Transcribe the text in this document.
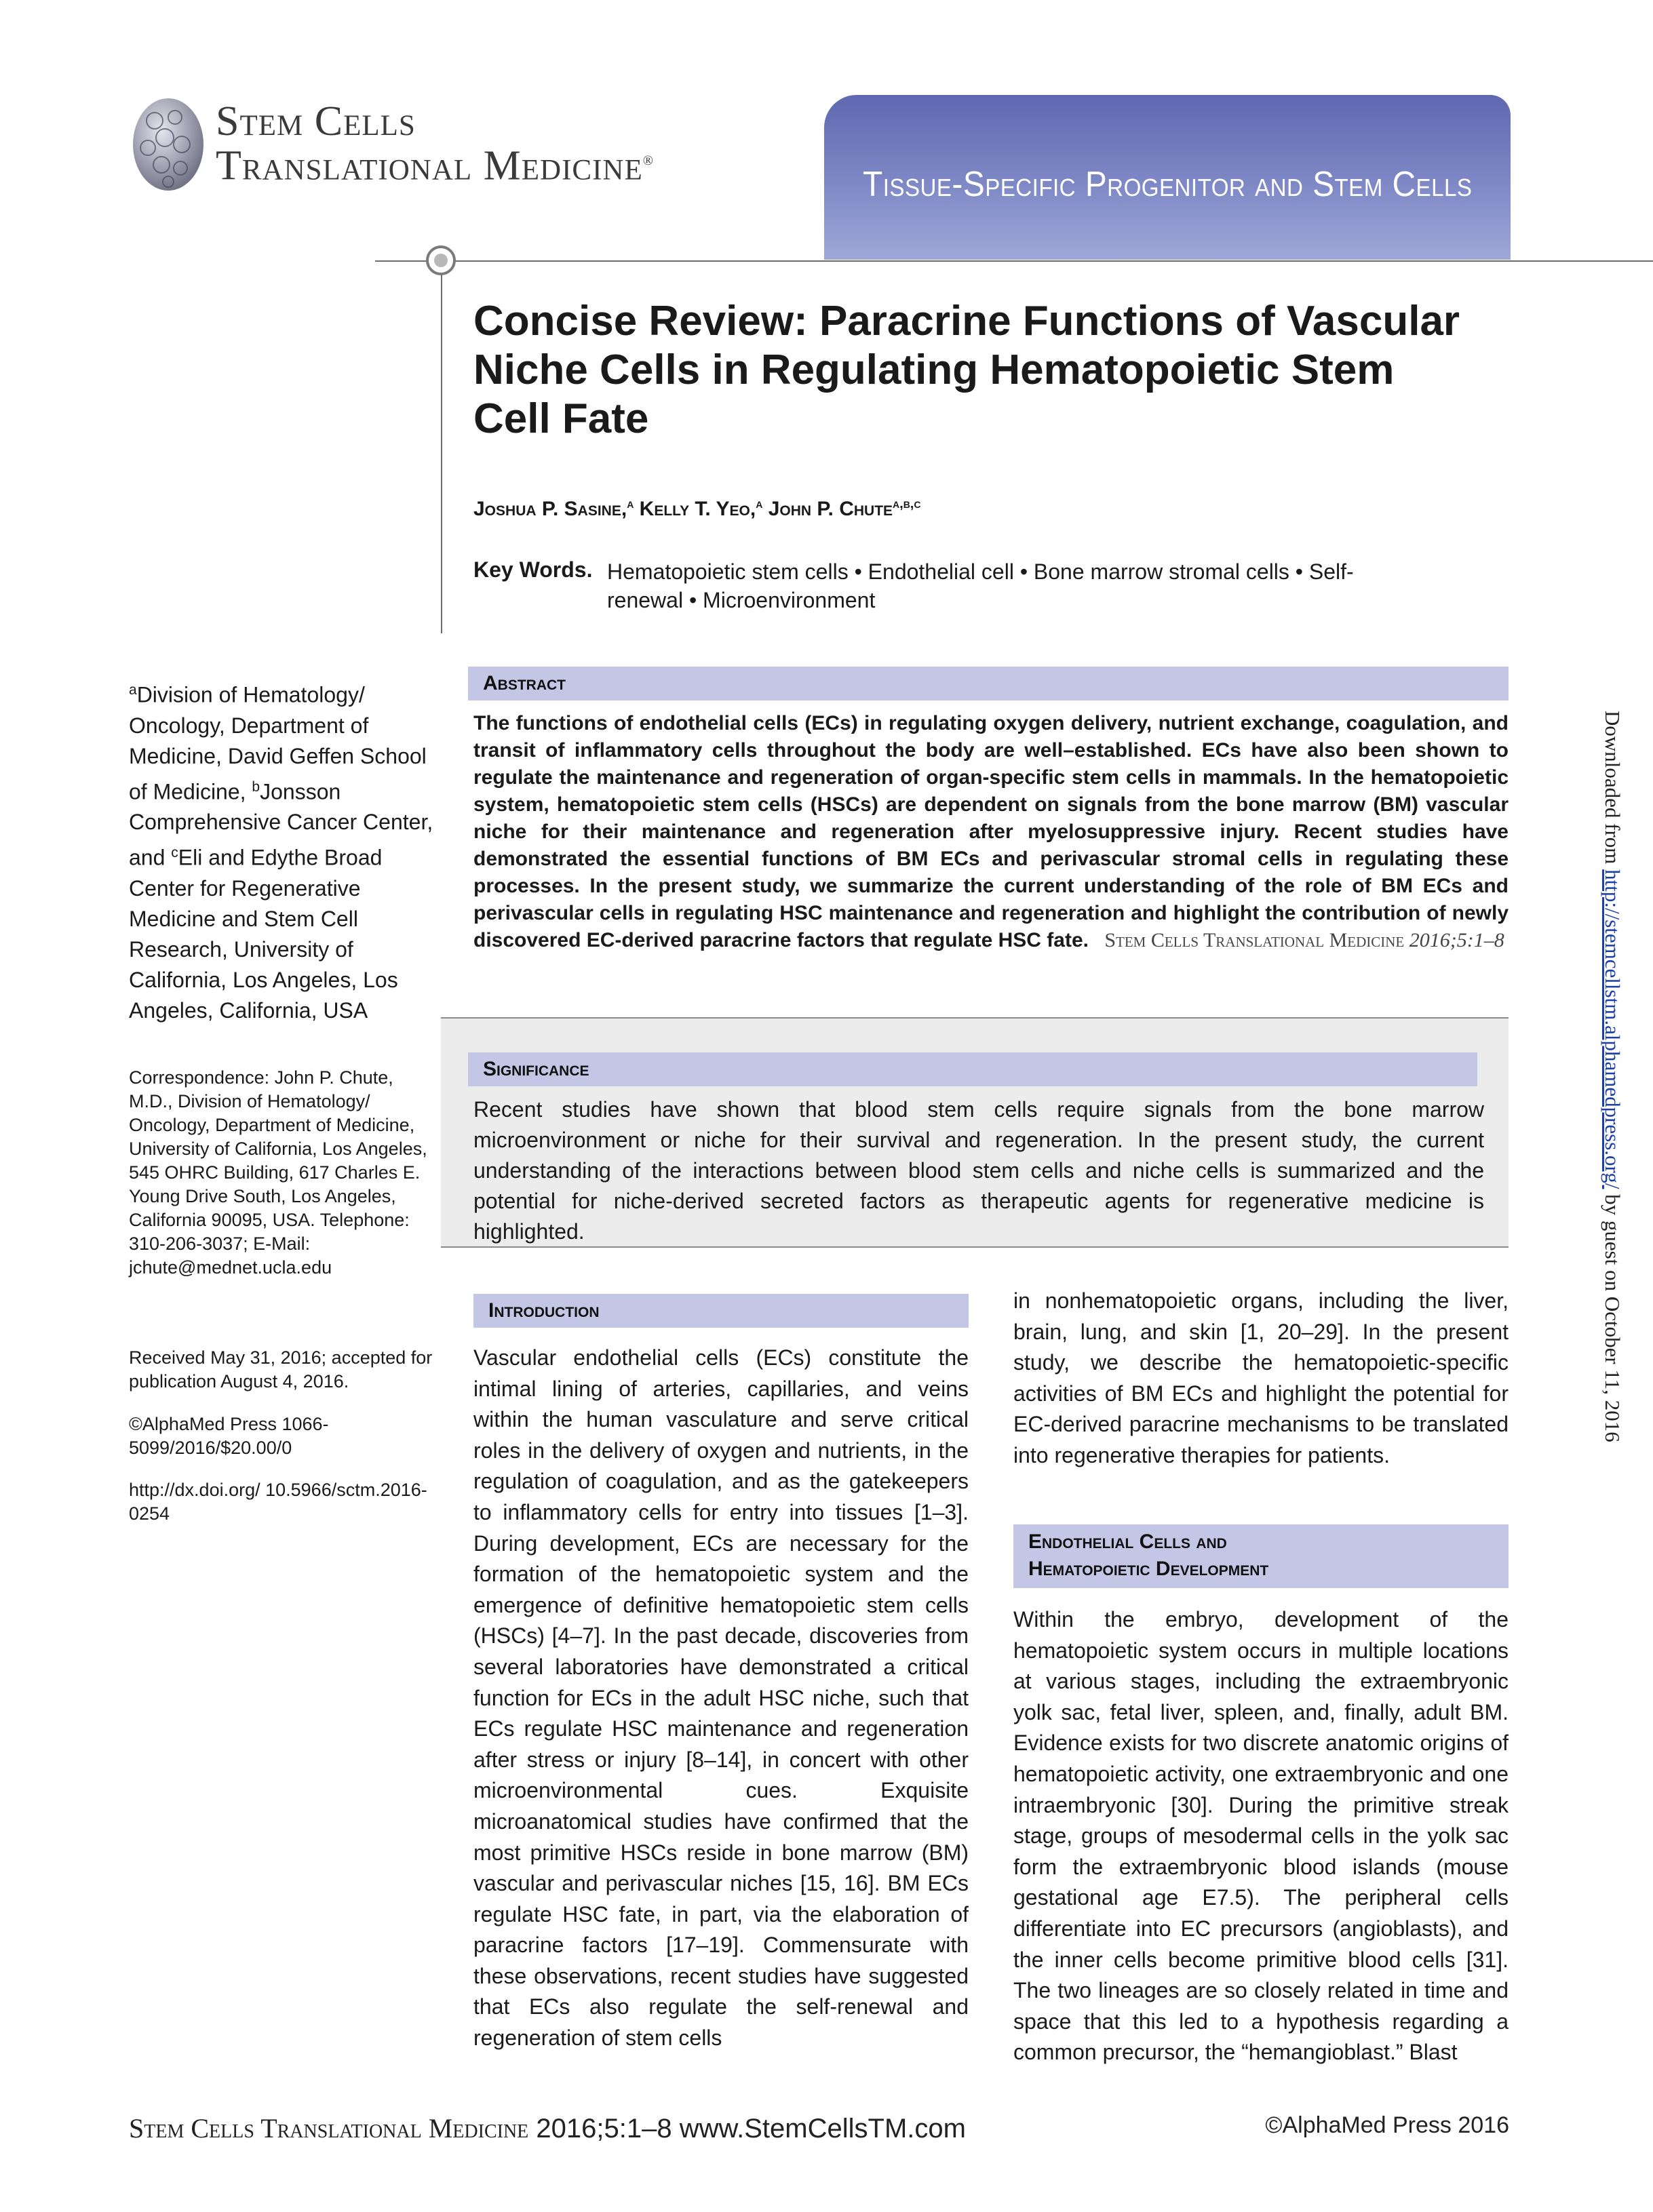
Stem Cells
Translational Medicine®
Tissue-Specific Progenitor and Stem Cells
Concise Review: Paracrine Functions of Vascular Niche Cells in Regulating Hematopoietic Stem Cell Fate
Joshua P. Sasine,$^a$ Kelly T. Yeo,$^a$ John P. Chute$^{a,b,c}$
Key Words. Hematopoietic stem cells • Endothelial cell • Bone marrow stromal cells • Self-renewal • Microenvironment
$^a$Division of Hematology/ Oncology, Department of Medicine, David Geffen School of Medicine, $^b$Jonsson Comprehensive Cancer Center, and $^c$Eli and Edythe Broad Center for Regenerative Medicine and Stem Cell Research, University of California, Los Angeles, Los Angeles, California, USA
Correspondence: John P. Chute, M.D., Division of Hematology/ Oncology, Department of Medicine, University of California, Los Angeles, 545 OHRC Building, 617 Charles E. Young Drive South, Los Angeles, California 90095, USA. Telephone: 310-206-3037; E-Mail: jchute@mednet.ucla.edu
Received May 31, 2016; accepted for publication August 4, 2016.
©AlphaMed Press 1066-5099/2016/$20.00/0
http://dx.doi.org/ 10.5966/sctm.2016-0254
Abstract
The functions of endothelial cells (ECs) in regulating oxygen delivery, nutrient exchange, coagulation, and transit of inflammatory cells throughout the body are well–established. ECs have also been shown to regulate the maintenance and regeneration of organ-specific stem cells in mammals. In the hematopoietic system, hematopoietic stem cells (HSCs) are dependent on signals from the bone marrow (BM) vascular niche for their maintenance and regeneration after myelosuppressive injury. Recent studies have demonstrated the essential functions of BM ECs and perivascular stromal cells in regulating these processes. In the present study, we summarize the current understanding of the role of BM ECs and perivascular cells in regulating HSC maintenance and regeneration and highlight the contribution of newly discovered EC-derived paracrine factors that regulate HSC fate. Stem Cells Translational Medicine 2016;5:1–8
Significance
Recent studies have shown that blood stem cells require signals from the bone marrow microenvironment or niche for their survival and regeneration. In the present study, the current understanding of the interactions between blood stem cells and niche cells is summarized and the potential for niche-derived secreted factors as therapeutic agents for regenerative medicine is highlighted.
Introduction
Vascular endothelial cells (ECs) constitute the intimal lining of arteries, capillaries, and veins within the human vasculature and serve critical roles in the delivery of oxygen and nutrients, in the regulation of coagulation, and as the gatekeepers to inflammatory cells for entry into tissues [1–3]. During development, ECs are necessary for the formation of the hematopoietic system and the emergence of definitive hematopoietic stem cells (HSCs) [4–7]. In the past decade, discoveries from several laboratories have demonstrated a critical function for ECs in the adult HSC niche, such that ECs regulate HSC maintenance and regeneration after stress or injury [8–14], in concert with other microenvironmental cues. Exquisite microanatomical studies have confirmed that the most primitive HSCs reside in bone marrow (BM) vascular and perivascular niches [15, 16]. BM ECs regulate HSC fate, in part, via the elaboration of paracrine factors [17–19]. Commensurate with these observations, recent studies have suggested that ECs also regulate the self-renewal and regeneration of stem cells
in nonhematopoietic organs, including the liver, brain, lung, and skin [1, 20–29]. In the present study, we describe the hematopoietic-specific activities of BM ECs and highlight the potential for EC-derived paracrine mechanisms to be translated into regenerative therapies for patients.
Endothelial Cells and
Hematopoietic Development
Within the embryo, development of the hematopoietic system occurs in multiple locations at various stages, including the extraembryonic yolk sac, fetal liver, spleen, and, finally, adult BM. Evidence exists for two discrete anatomic origins of hematopoietic activity, one extraembryonic and one intraembryonic [30]. During the primitive streak stage, groups of mesodermal cells in the yolk sac form the extraembryonic blood islands (mouse gestational age E7.5). The peripheral cells differentiate into EC precursors (angioblasts), and the inner cells become primitive blood cells [31]. The two lineages are so closely related in time and space that this led to a hypothesis regarding a common precursor, the “hemangioblast.” Blast
Downloaded from http://stemcellstm.alphamedpress.org/ by guest on October 11, 2016
Stem Cells Translational Medicine 2016;5:1–8 www.StemCellsTM.com	©AlphaMed Press 2016
